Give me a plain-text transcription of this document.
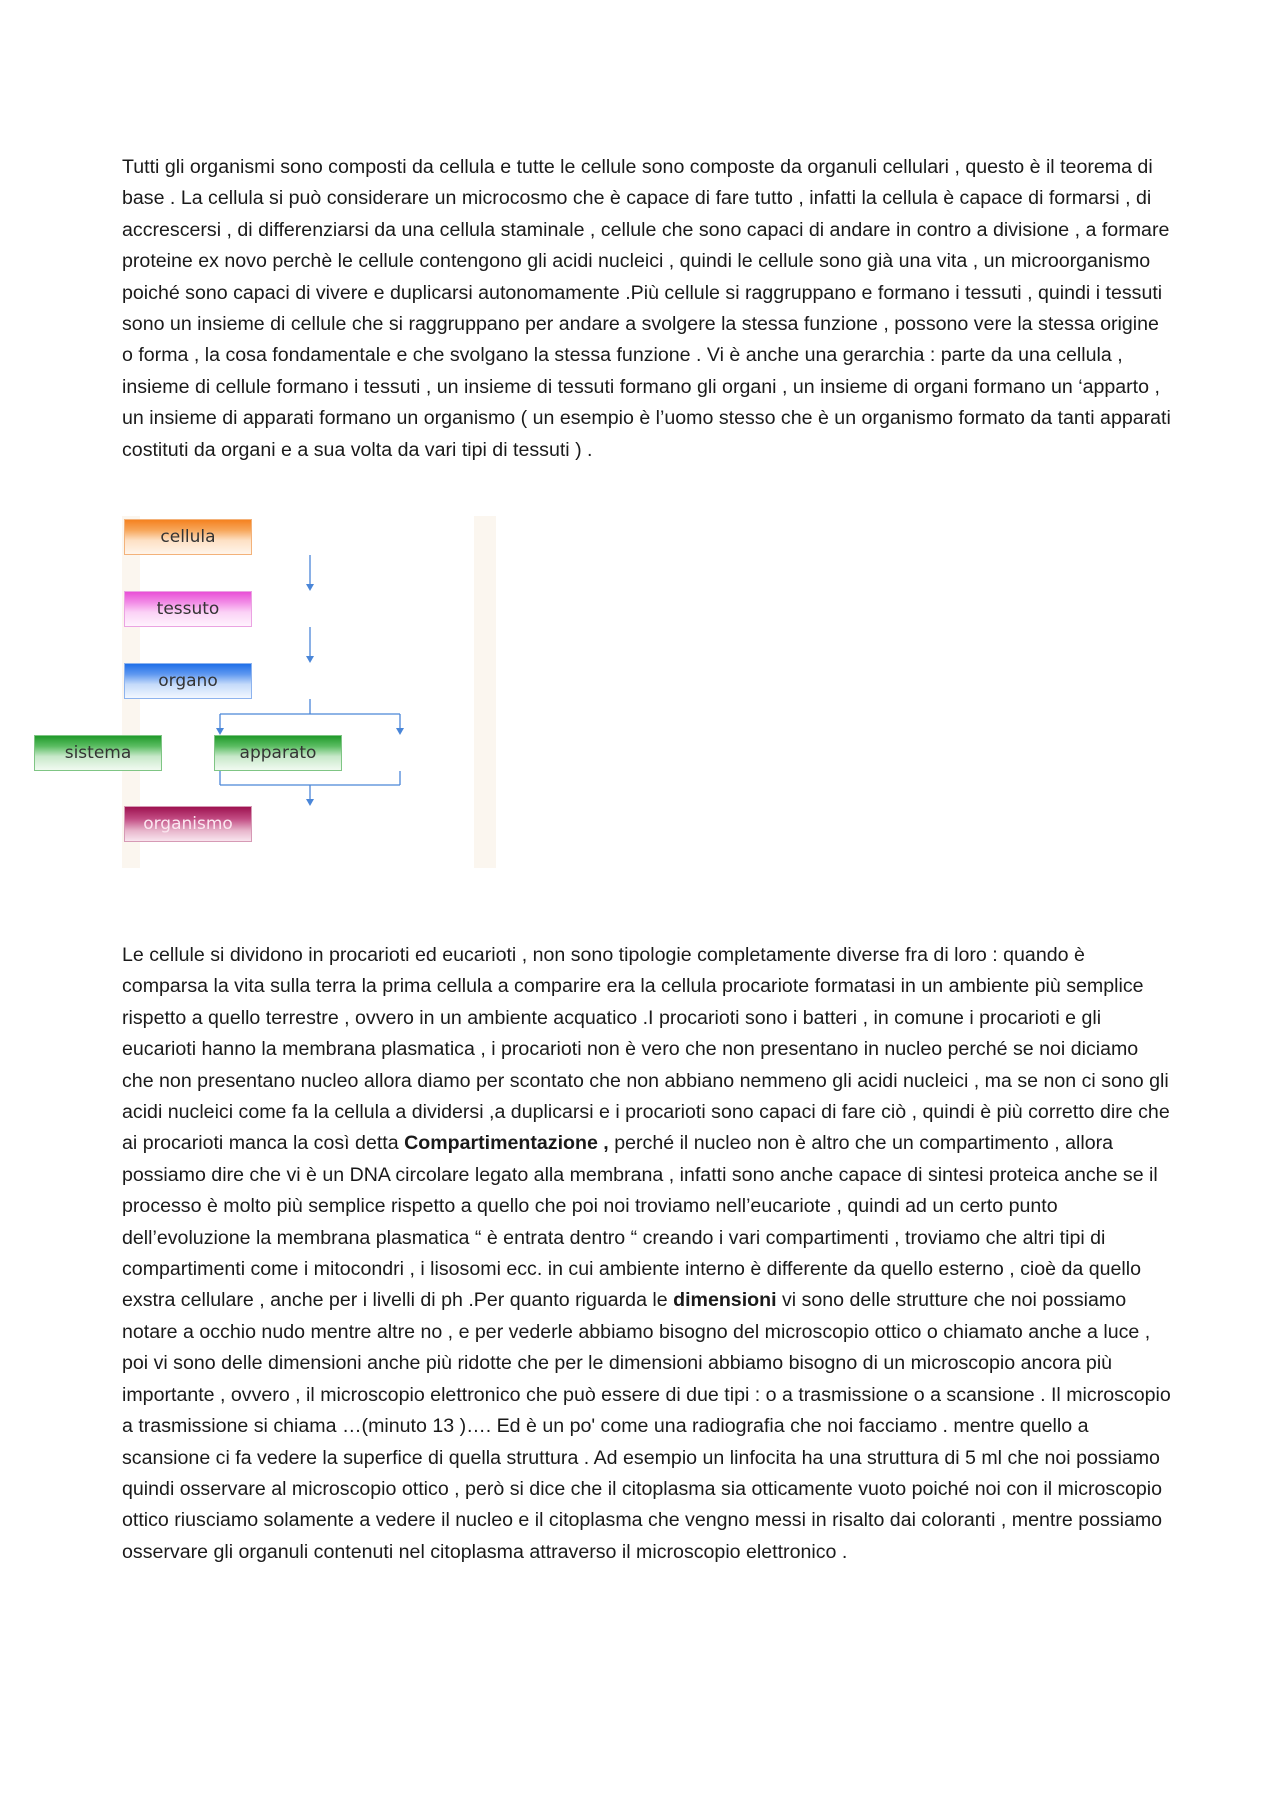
Tutti gli organismi sono composti da cellula e tutte le cellule sono composte da organuli cellulari , questo è il teorema di base . La cellula si può considerare un microcosmo che è capace di fare tutto , infatti la cellula è capace di formarsi , di accrescersi , di differenziarsi da una cellula staminale , cellule che sono capaci di andare in contro a divisione , a formare proteine ex novo perchè le cellule contengono gli acidi nucleici , quindi le cellule sono già una vita , un microorganismo poiché sono capaci di vivere e duplicarsi autonomamente .Più cellule si raggruppano e formano i tessuti , quindi i tessuti sono un insieme di cellule che si raggruppano per andare a svolgere la stessa funzione , possono vere la stessa origine o forma , la cosa fondamentale e che svolgano la stessa funzione . Vi è anche una gerarchia : parte da una cellula , insieme di cellule formano i tessuti , un insieme di tessuti formano gli organi , un insieme di organi formano un ‘apparto , un insieme di apparati formano un organismo ( un esempio è l’uomo stesso che è un organismo formato da tanti apparati costituti da organi e a sua volta da vari tipi di tessuti ) .

cellula
tessuto
organo
sistema	apparato
organismo

Le cellule si dividono in procarioti ed eucarioti , non sono tipologie completamente diverse fra di loro : quando è comparsa la vita sulla terra la prima cellula a comparire era la cellula procariote formatasi in un ambiente più semplice rispetto a quello terrestre , ovvero in un ambiente acquatico .I procarioti sono i batteri , in comune i procarioti e gli eucarioti hanno la membrana plasmatica , i procarioti non è vero che non presentano in nucleo perché se noi diciamo che non presentano nucleo allora diamo per scontato che non abbiano nemmeno gli acidi nucleici , ma se non ci sono gli acidi nucleici come fa la cellula a dividersi ,a duplicarsi e i procarioti sono capaci di fare ciò , quindi è più corretto dire che ai procarioti manca la così detta Compartimentazione , perché il nucleo non è altro che un compartimento , allora possiamo dire che vi è un DNA circolare legato alla membrana , infatti sono anche capace di sintesi proteica anche se il processo è molto più semplice rispetto a quello che poi noi troviamo nell’eucariote , quindi ad un certo punto dell’evoluzione la membrana plasmatica “ è entrata dentro “ creando i vari compartimenti , troviamo che altri tipi di compartimenti come i mitocondri , i lisosomi ecc. in cui ambiente interno è differente da quello esterno , cioè da quello exstra cellulare , anche per i livelli di ph .Per quanto riguarda le dimensioni vi sono delle strutture che noi possiamo notare a occhio nudo mentre altre no , e per vederle abbiamo bisogno del microscopio ottico o chiamato anche a luce , poi vi sono delle dimensioni anche più ridotte che per le dimensioni abbiamo bisogno di un microscopio ancora più importante , ovvero , il microscopio elettronico che può essere di due tipi : o a trasmissione o a scansione . Il microscopio a trasmissione si chiama …(minuto 13 )…. Ed è un po' come una radiografia che noi facciamo . mentre quello a scansione ci fa vedere la superfice di quella struttura . Ad esempio un linfocita ha una struttura di 5 ml che noi possiamo quindi osservare al microscopio ottico , però si dice che il citoplasma sia otticamente vuoto poiché noi con il microscopio ottico riusciamo solamente a vedere il nucleo e il citoplasma che vengno messi in risalto dai coloranti , mentre possiamo osservare gli organuli contenuti nel citoplasma attraverso il microscopio elettronico .
